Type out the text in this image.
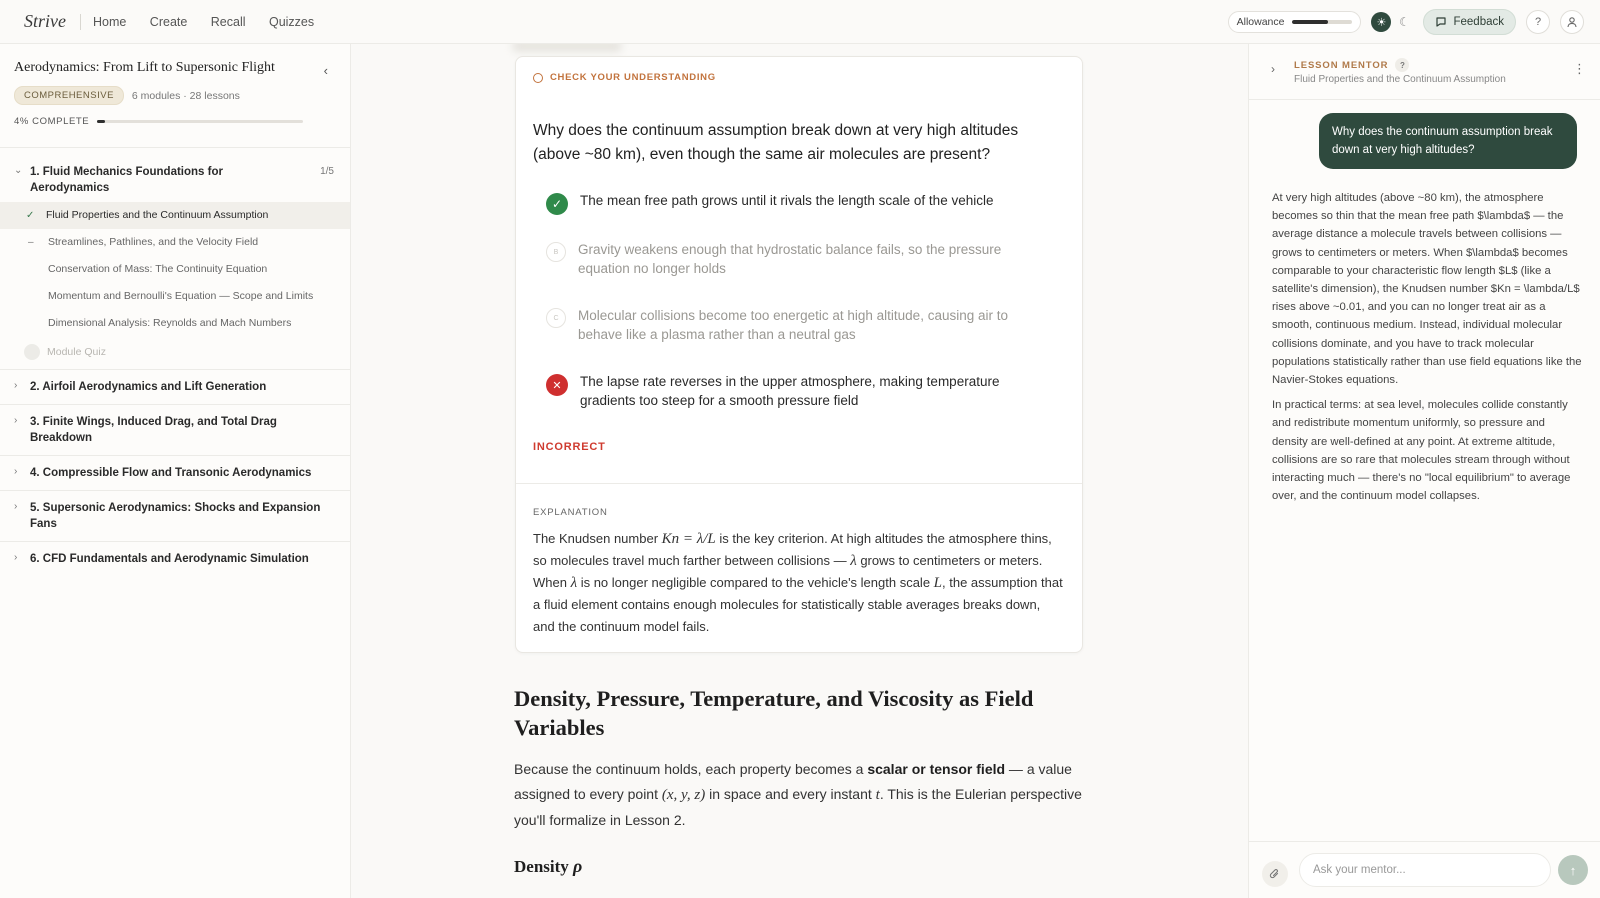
Strive Home Create Recall Quizzes	Allowance	☀	☾	Feedback	?
Aerodynamics: From Lift to Supersonic Flight	‹
COMPREHENSIVE	6 modules · 28 lessons
4% COMPLETE
⌄ 1. Fluid Mechanics Foundations for Aerodynamics
1/5
✓	Fluid Properties and the Continuum Assumption
–	Streamlines, Pathlines, and the Velocity Field
Conservation of Mass: The Continuity Equation
Momentum and Bernoulli's Equation — Scope and Limits
Dimensional Analysis: Reynolds and Mach Numbers
Module Quiz
›	2. Airfoil Aerodynamics and Lift Generation
›	3. Finite Wings, Induced Drag, and Total Drag Breakdown
›	4. Compressible Flow and Transonic Aerodynamics
›	5. Supersonic Aerodynamics: Shocks and Expansion Fans
›	6. CFD Fundamentals and Aerodynamic Simulation
CHECK YOUR UNDERSTANDING
Why does the continuum assumption break down at very high altitudes (above ~80 km), even though the same air molecules are present?
✓	The mean free path grows until it rivals the length scale of the vehicle
B	Gravity weakens enough that hydrostatic balance fails, so the pressure equation no longer holds
C	Molecular collisions become too energetic at high altitude, causing air to behave like a plasma rather than a neutral gas
✕	The lapse rate reverses in the upper atmosphere, making temperature gradients too steep for a smooth pressure field
INCORRECT
EXPLANATION
The Knudsen number Kn = λ/L is the key criterion. At high altitudes the atmosphere thins, so molecules travel much farther between collisions — λ grows to centimeters or meters. When λ is no longer negligible compared to the vehicle's length scale L, the assumption that a fluid element contains enough molecules for statistically stable averages breaks down, and the continuum model fails.
Density, Pressure, Temperature, and Viscosity as Field Variables

Because the continuum holds, each property becomes a scalar or tensor field — a value assigned to every point (x, y, z) in space and every instant t. This is the Eulerian perspective you'll formalize in Lesson 2.

Density ρ
› LESSON MENTOR	?
Fluid Properties and the Continuum Assumption
⋮
Why does the continuum assumption break down at very high altitudes?

At very high altitudes (above ~80 km), the atmosphere becomes so thin that the mean free path $\lambda$ — the average distance a molecule travels between collisions — grows to centimeters or meters. When $\lambda$ becomes comparable to your characteristic flow length $L$ (like a satellite's dimension), the Knudsen number $Kn = \lambda/L$ rises above ~0.01, and you can no longer treat air as a smooth, continuous medium. Instead, individual molecular collisions dominate, and you have to track molecular populations statistically rather than use field equations like the Navier-Stokes equations.

In practical terms: at sea level, molecules collide constantly and redistribute momentum uniformly, so pressure and density are well-defined at any point. At extreme altitude, collisions are so rare that molecules stream through without interacting much — there's no "local equilibrium" to average over, and the continuum model collapses.

Ask your mentor...
↑
